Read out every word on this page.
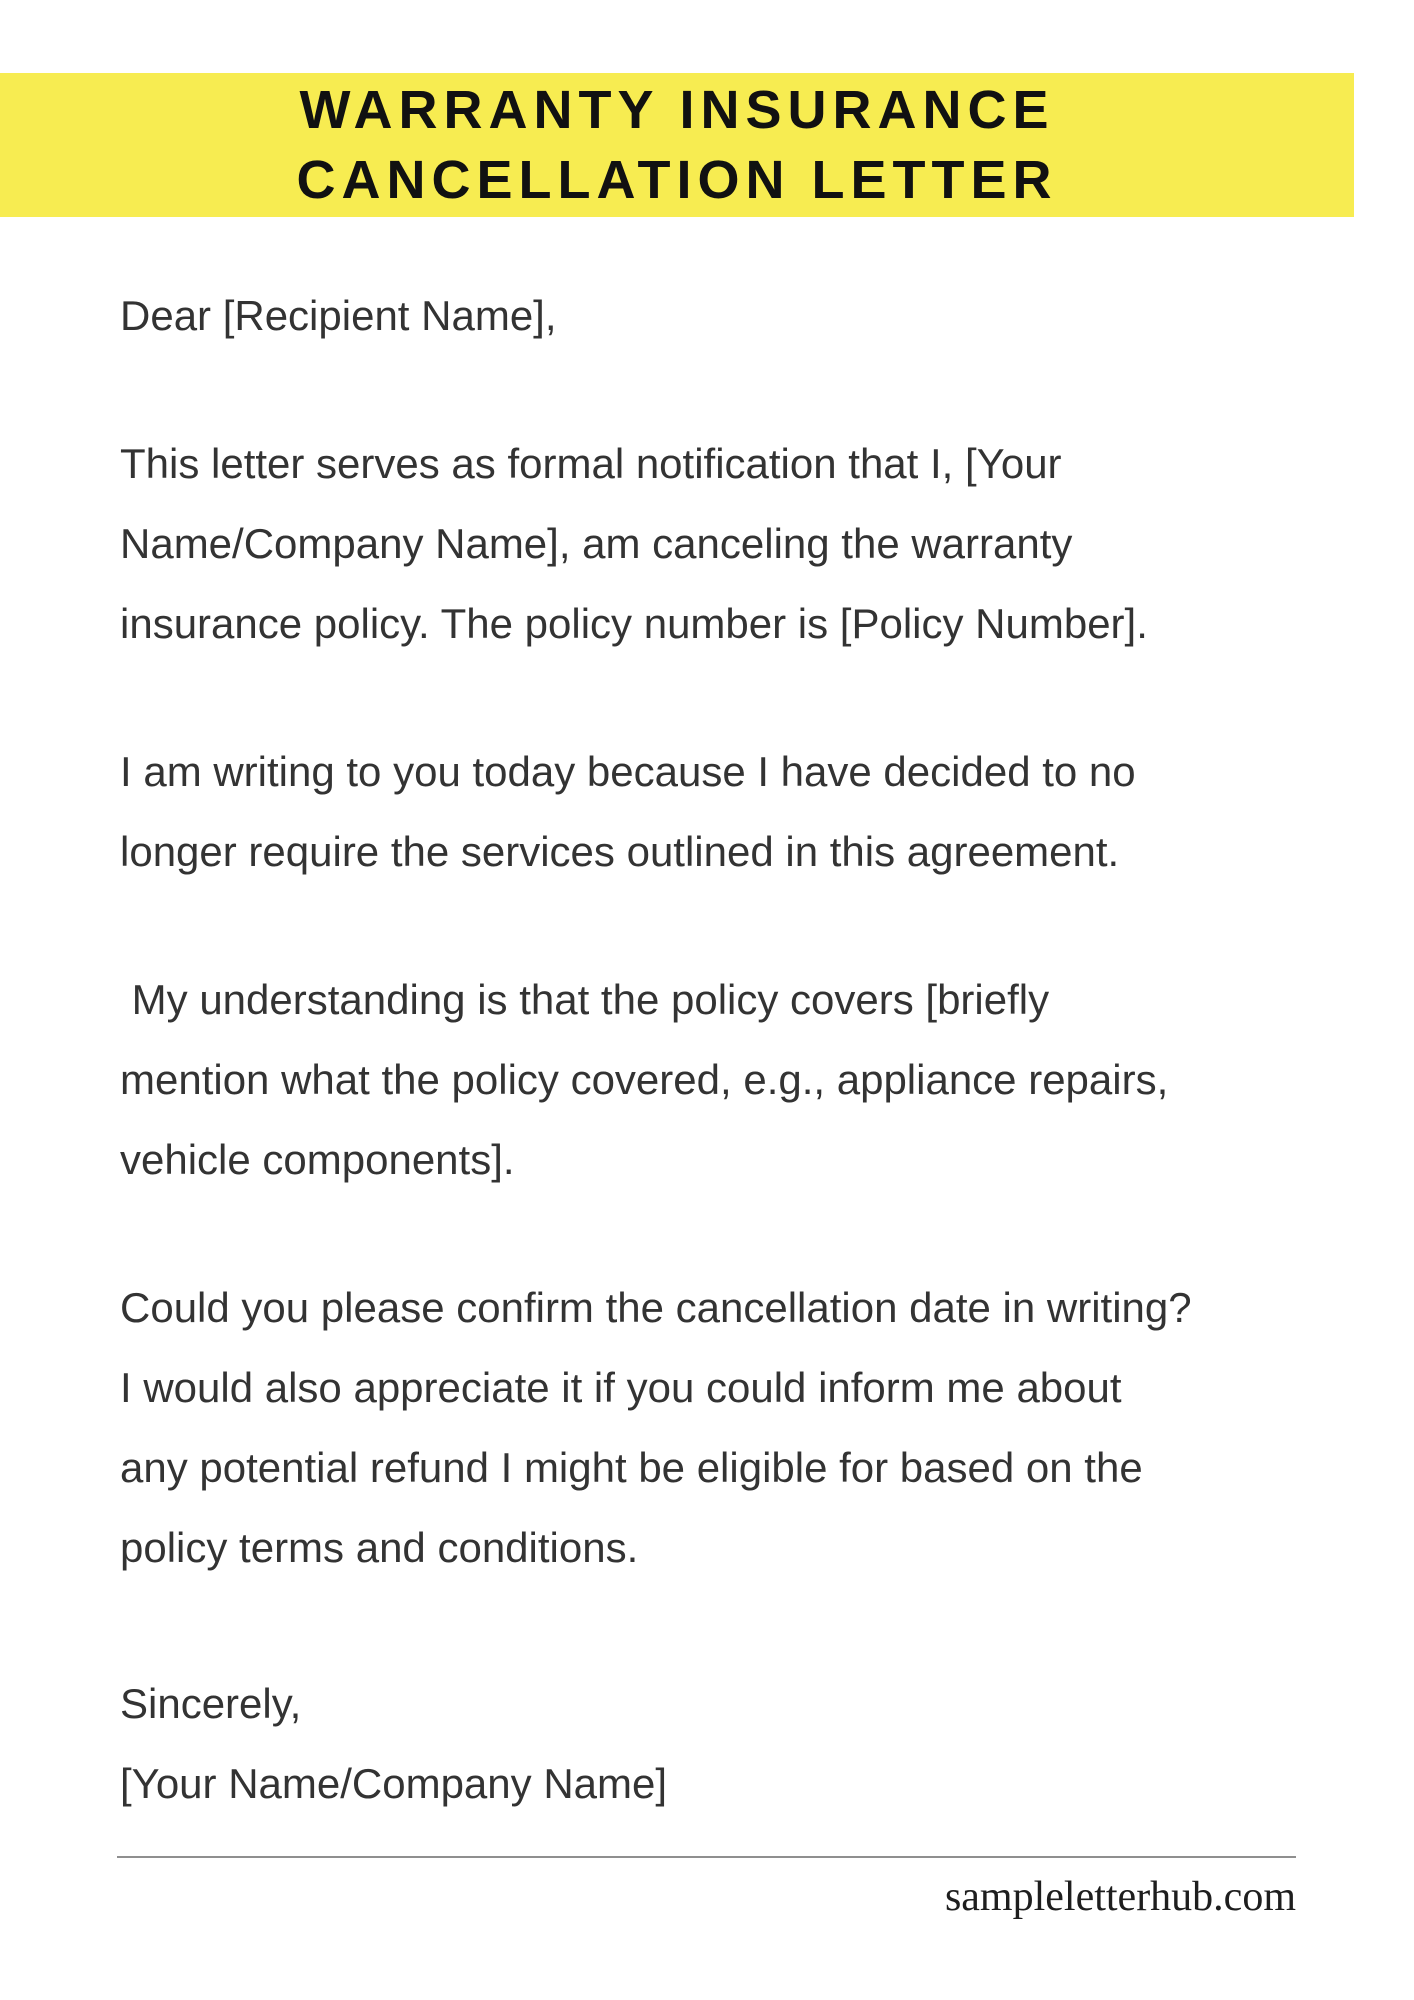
WARRANTY INSURANCE CANCELLATION LETTER

Dear [Recipient Name],

This letter serves as formal notification that I, [Your
Name/Company Name], am canceling the warranty
insurance policy. The policy number is [Policy Number].

I am writing to you today because I have decided to no
longer require the services outlined in this agreement.

My understanding is that the policy covers [briefly
mention what the policy covered, e.g., appliance repairs,
vehicle components].

Could you please confirm the cancellation date in writing?
I would also appreciate it if you could inform me about
any potential refund I might be eligible for based on the
policy terms and conditions.

Sincerely,
[Your Name/Company Name]

sampleletterhub.com
